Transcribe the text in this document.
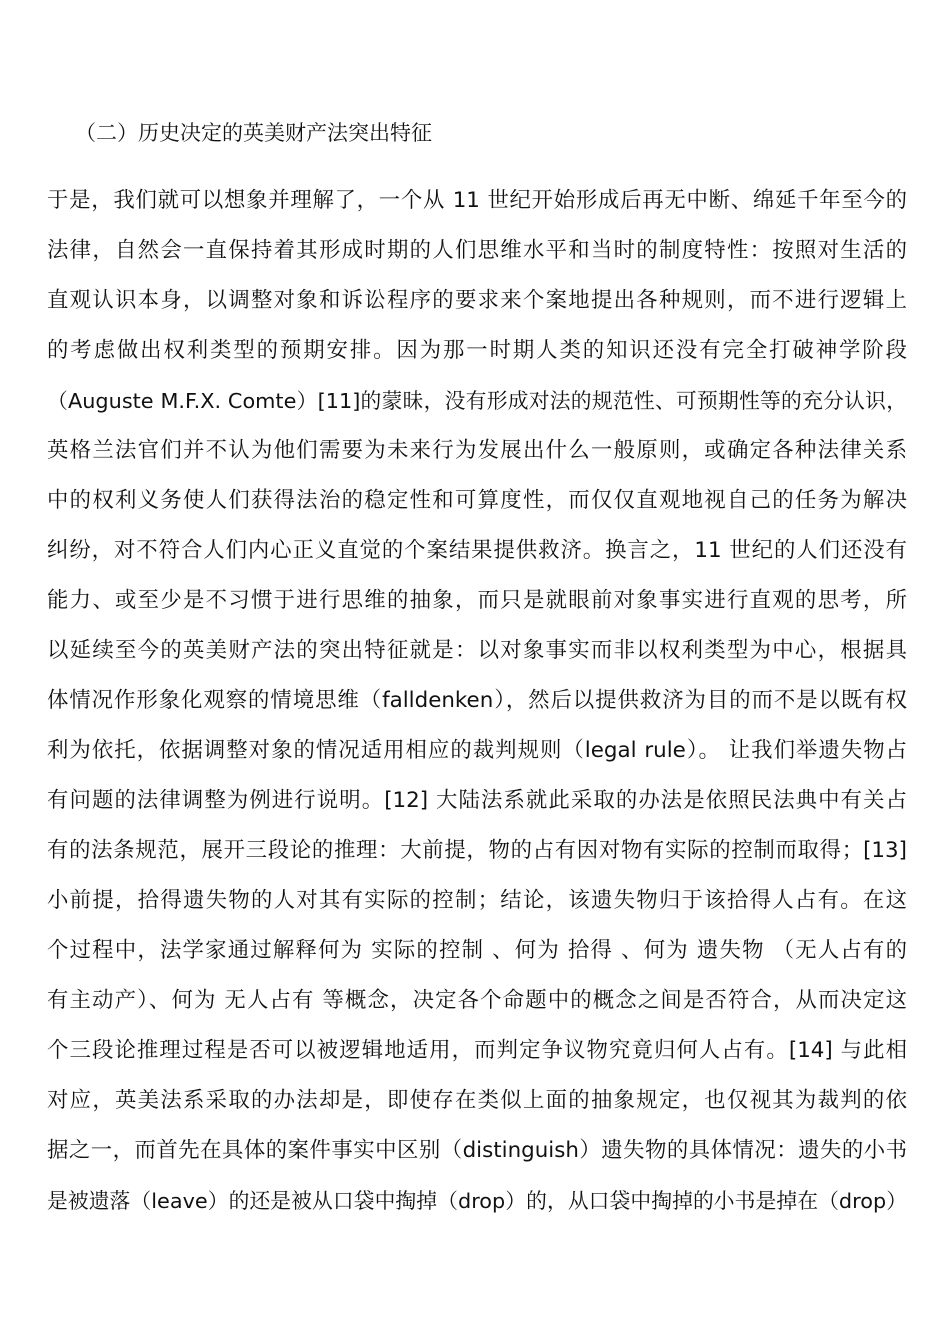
（二）历史决定的英美财产法突出特征
于是，我们就可以想象并理解了，一个从 11 世纪开始形成后再无中断、绵延千年至今的
法律，自然会一直保持着其形成时期的人们思维水平和当时的制度特性：按照对生活的
直观认识本身，以调整对象和诉讼程序的要求来个案地提出各种规则，而不进行逻辑上
的考虑做出权利类型的预期安排。因为那一时期人类的知识还没有完全打破神学阶段
（Auguste M.F.X. Comte）[11]的蒙昧，没有形成对法的规范性、可预期性等的充分认识，
英格兰法官们并不认为他们需要为未来行为发展出什么一般原则，或确定各种法律关系
中的权利义务使人们获得法治的稳定性和可算度性，而仅仅直观地视自己的任务为解决
纠纷，对不符合人们内心正义直觉的个案结果提供救济。换言之，11 世纪的人们还没有
能力、或至少是不习惯于进行思维的抽象，而只是就眼前对象事实进行直观的思考，所
以延续至今的英美财产法的突出特征就是：以对象事实而非以权利类型为中心，根据具
体情况作形象化观察的情境思维（falldenken），然后以提供救济为目的而不是以既有权
利为依托，依据调整对象的情况适用相应的裁判规则（legal rule）。 让我们举遗失物占
有问题的法律调整为例进行说明。[12] 大陆法系就此采取的办法是依照民法典中有关占
有的法条规范，展开三段论的推理：大前提，物的占有因对物有实际的控制而取得；[13]
小前提，拾得遗失物的人对其有实际的控制；结论，该遗失物归于该拾得人占有。在这
个过程中，法学家通过解释何为 实际的控制 、何为 拾得 、何为 遗失物 （无人占有的
有主动产）、何为 无人占有 等概念，决定各个命题中的概念之间是否符合，从而决定这
个三段论推理过程是否可以被逻辑地适用，而判定争议物究竟归何人占有。[14] 与此相
对应，英美法系采取的办法却是，即使存在类似上面的抽象规定，也仅视其为裁判的依
据之一，而首先在具体的案件事实中区别（distinguish）遗失物的具体情况：遗失的小书
是被遗落（leave）的还是被从口袋中掏掉（drop）的，从口袋中掏掉的小书是掉在（drop）
